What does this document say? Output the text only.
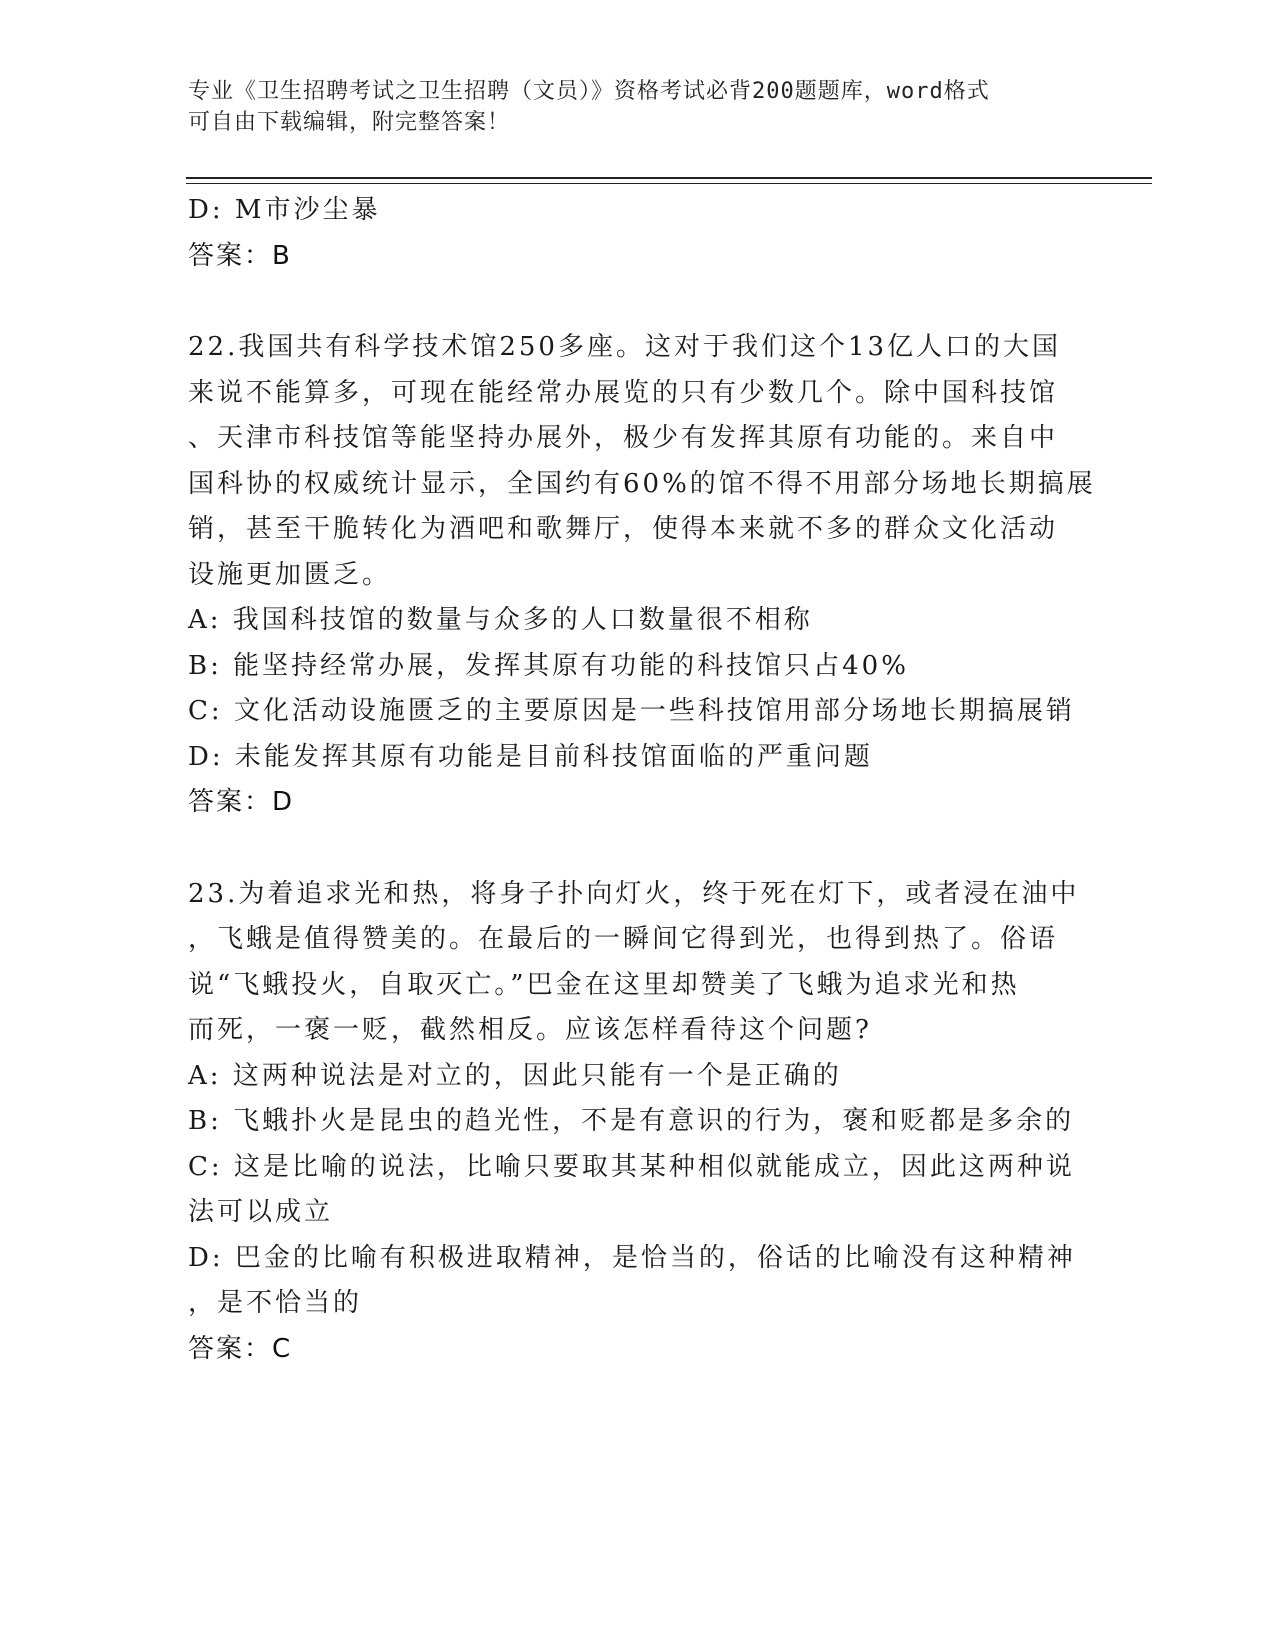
专业《卫生招聘考试之卫生招聘（文员）》资格考试必背200题题库，word格式
可自由下载编辑，附完整答案！
D: M市沙尘暴
答案：B
22.我国共有科学技术馆250多座。这对于我们这个13亿人口的大国
来说不能算多，可现在能经常办展览的只有少数几个。除中国科技馆
、天津市科技馆等能坚持办展外，极少有发挥其原有功能的。来自中
国科协的权威统计显示，全国约有60%的馆不得不用部分场地长期搞展
销，甚至干脆转化为酒吧和歌舞厅，使得本来就不多的群众文化活动
设施更加匮乏。
A: 我国科技馆的数量与众多的人口数量很不相称
B: 能坚持经常办展，发挥其原有功能的科技馆只占40%
C: 文化活动设施匮乏的主要原因是一些科技馆用部分场地长期搞展销
D: 未能发挥其原有功能是目前科技馆面临的严重问题
答案：D
23.为着追求光和热，将身子扑向灯火，终于死在灯下，或者浸在油中
，飞蛾是值得赞美的。在最后的一瞬间它得到光，也得到热了。俗语
说“飞蛾投火，自取灭亡。”巴金在这里却赞美了飞蛾为追求光和热
而死，一褒一贬，截然相反。应该怎样看待这个问题?
A: 这两种说法是对立的，因此只能有一个是正确的
B: 飞蛾扑火是昆虫的趋光性，不是有意识的行为，褒和贬都是多余的
C: 这是比喻的说法，比喻只要取其某种相似就能成立，因此这两种说
法可以成立
D: 巴金的比喻有积极进取精神，是恰当的，俗话的比喻没有这种精神
，是不恰当的
答案：C
